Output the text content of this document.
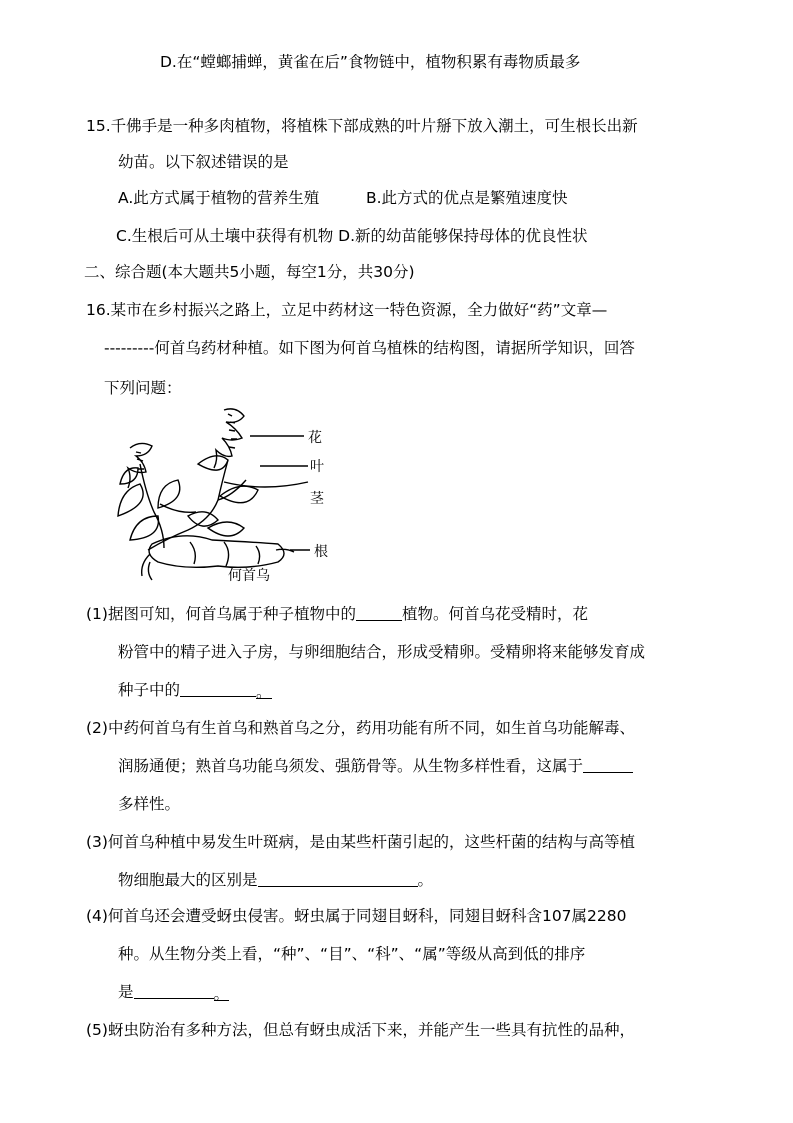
D.在“螳螂捕蝉，黄雀在后”食物链中，植物积累有毒物质最多
15.千佛手是一种多肉植物，将植株下部成熟的叶片掰下放入潮土，可生根长出新
幼苗。以下叙述错误的是
A.此方式属于植物的营养生殖	B.此方式的优点是繁殖速度快
C.生根后可从土壤中获得有机物 D.新的幼苗能够保持母体的优良性状
二、综合题(本大题共5小题，每空1分，共30分)
16.某市在乡村振兴之路上，立足中药材这一特色资源，全力做好“药”文章—
---------何首乌药材种植。如下图为何首乌植株的结构图，请据所学知识，回答
下列问题：
花
叶
茎
根
何首乌
(1)据图可知，何首乌属于种子植物中的	植物。何首乌花受精时，花
粉管中的精子进入子房，与卵细胞结合，形成受精卵。受精卵将来能够发育成
种子中的	。
(2)中药何首乌有生首乌和熟首乌之分，药用功能有所不同，如生首乌功能解毒、
润肠通便；熟首乌功能乌须发、强筋骨等。从生物多样性看，这属于
多样性。
(3)何首乌种植中易发生叶斑病，是由某些杆菌引起的，这些杆菌的结构与高等植
物细胞最大的区别是	。
(4)何首乌还会遭受蚜虫侵害。蚜虫属于同翅目蚜科，同翅目蚜科含107属2280
种。从生物分类上看，“种”、“目”、“科”、“属”等级从高到低的排序
是	。
(5)蚜虫防治有多种方法，但总有蚜虫成活下来，并能产生一些具有抗性的品种，
